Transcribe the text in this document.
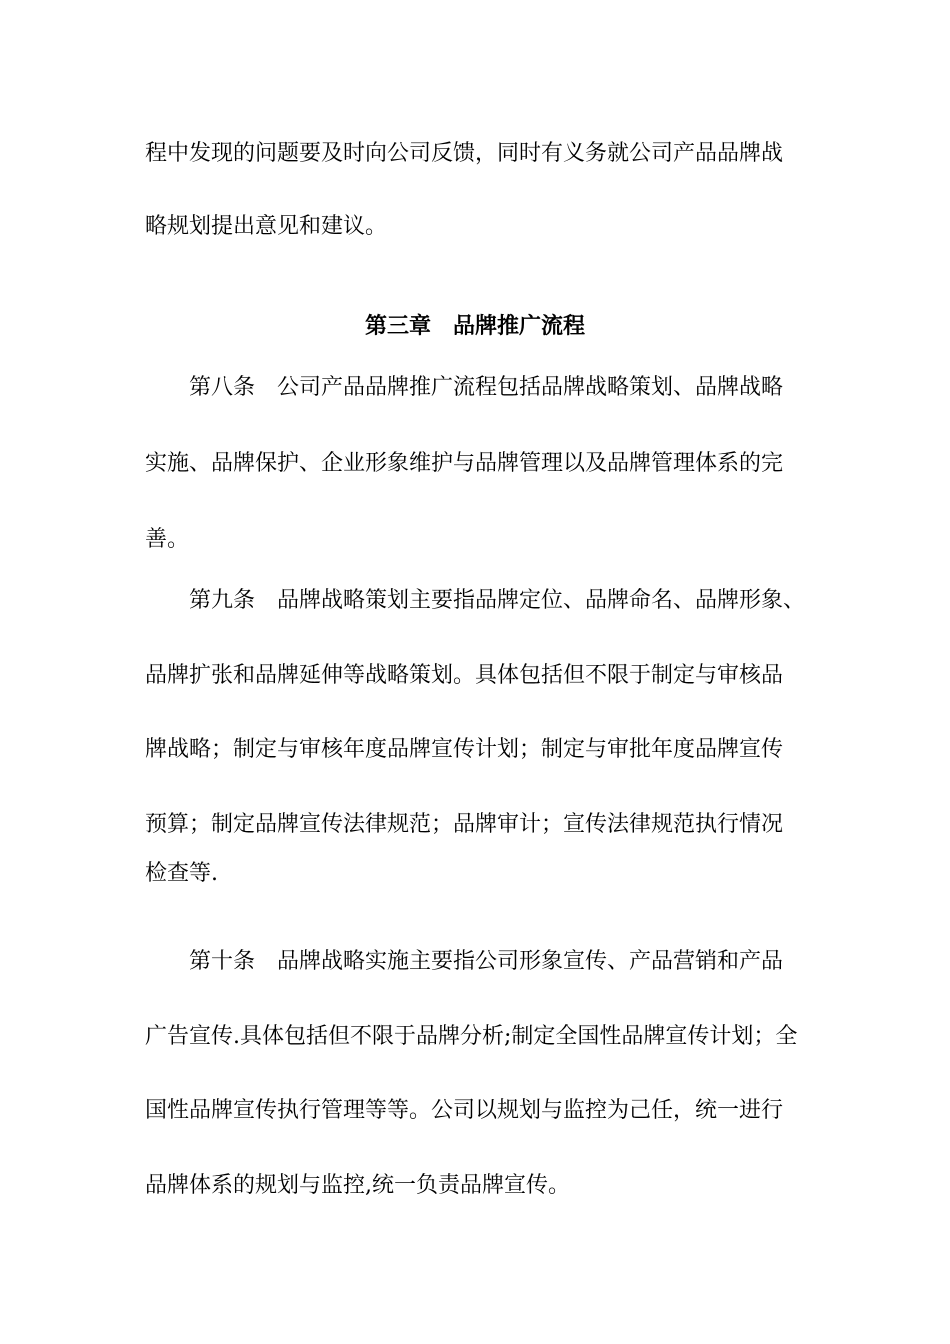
程中发现的问题要及时向公司反馈，同时有义务就公司产品品牌战
略规划提出意见和建议。
第三章　品牌推广流程
第八条　公司产品品牌推广流程包括品牌战略策划、品牌战略
实施、品牌保护、企业形象维护与品牌管理以及品牌管理体系的完
善。
第九条　品牌战略策划主要指品牌定位、品牌命名、品牌形象、
品牌扩张和品牌延伸等战略策划。具体包括但不限于制定与审核品
牌战略；制定与审核年度品牌宣传计划；制定与审批年度品牌宣传
预算；制定品牌宣传法律规范；品牌审计；宣传法律规范执行情况
检查等.
第十条　品牌战略实施主要指公司形象宣传、产品营销和产品
广告宣传.具体包括但不限于品牌分析;制定全国性品牌宣传计划；全
国性品牌宣传执行管理等等。公司以规划与监控为己任，统一进行
品牌体系的规划与监控,统一负责品牌宣传。
